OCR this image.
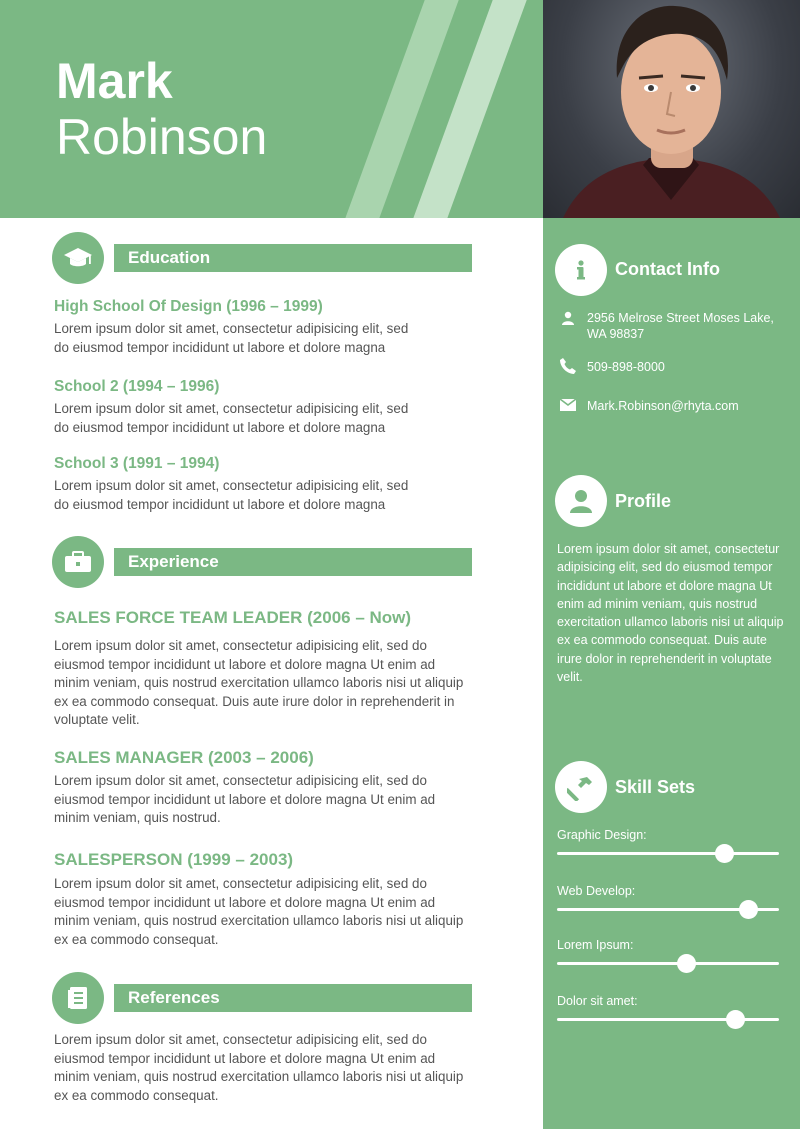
Mark
Robinson
Contact Info
2956 Melrose Street Moses Lake,
WA 98837
509-898-8000
Mark.Robinson@rhyta.com
Profile
Lorem ipsum dolor sit amet, consectetur adipisicing elit, sed do eiusmod tempor incididunt ut labore et dolore magna Ut enim ad minim veniam, quis nostrud exercitation ullamco laboris nisi ut aliquip ex ea commodo consequat. Duis aute irure dolor in reprehenderit in voluptate velit.
Skill Sets
Graphic Design:
Web Develop:
Lorem Ipsum:
Dolor sit amet:
Education
High School Of Design (1996 – 1999)
Lorem ipsum dolor sit amet, consectetur adipisicing elit, sed
do eiusmod tempor incididunt ut labore et dolore magna
School 2 (1994 – 1996)
Lorem ipsum dolor sit amet, consectetur adipisicing elit, sed
do eiusmod tempor incididunt ut labore et dolore magna
School 3 (1991 – 1994)
Lorem ipsum dolor sit amet, consectetur adipisicing elit, sed
do eiusmod tempor incididunt ut labore et dolore magna
Experience
SALES FORCE TEAM LEADER (2006 – Now)
Lorem ipsum dolor sit amet, consectetur adipisicing elit, sed do eiusmod tempor incididunt ut labore et dolore magna Ut enim ad minim veniam, quis nostrud exercitation ullamco laboris nisi ut aliquip ex ea commodo consequat. Duis aute irure dolor in reprehenderit in voluptate velit.
SALES MANAGER (2003 – 2006)
Lorem ipsum dolor sit amet, consectetur adipisicing elit, sed do eiusmod tempor incididunt ut labore et dolore magna Ut enim ad minim veniam, quis nostrud.
SALESPERSON (1999 – 2003)
Lorem ipsum dolor sit amet, consectetur adipisicing elit, sed do eiusmod tempor incididunt ut labore et dolore magna Ut enim ad minim veniam, quis nostrud exercitation ullamco laboris nisi ut aliquip ex ea commodo consequat.
References
Lorem ipsum dolor sit amet, consectetur adipisicing elit, sed do eiusmod tempor incididunt ut labore et dolore magna Ut enim ad minim veniam, quis nostrud exercitation ullamco laboris nisi ut aliquip ex ea commodo consequat.
